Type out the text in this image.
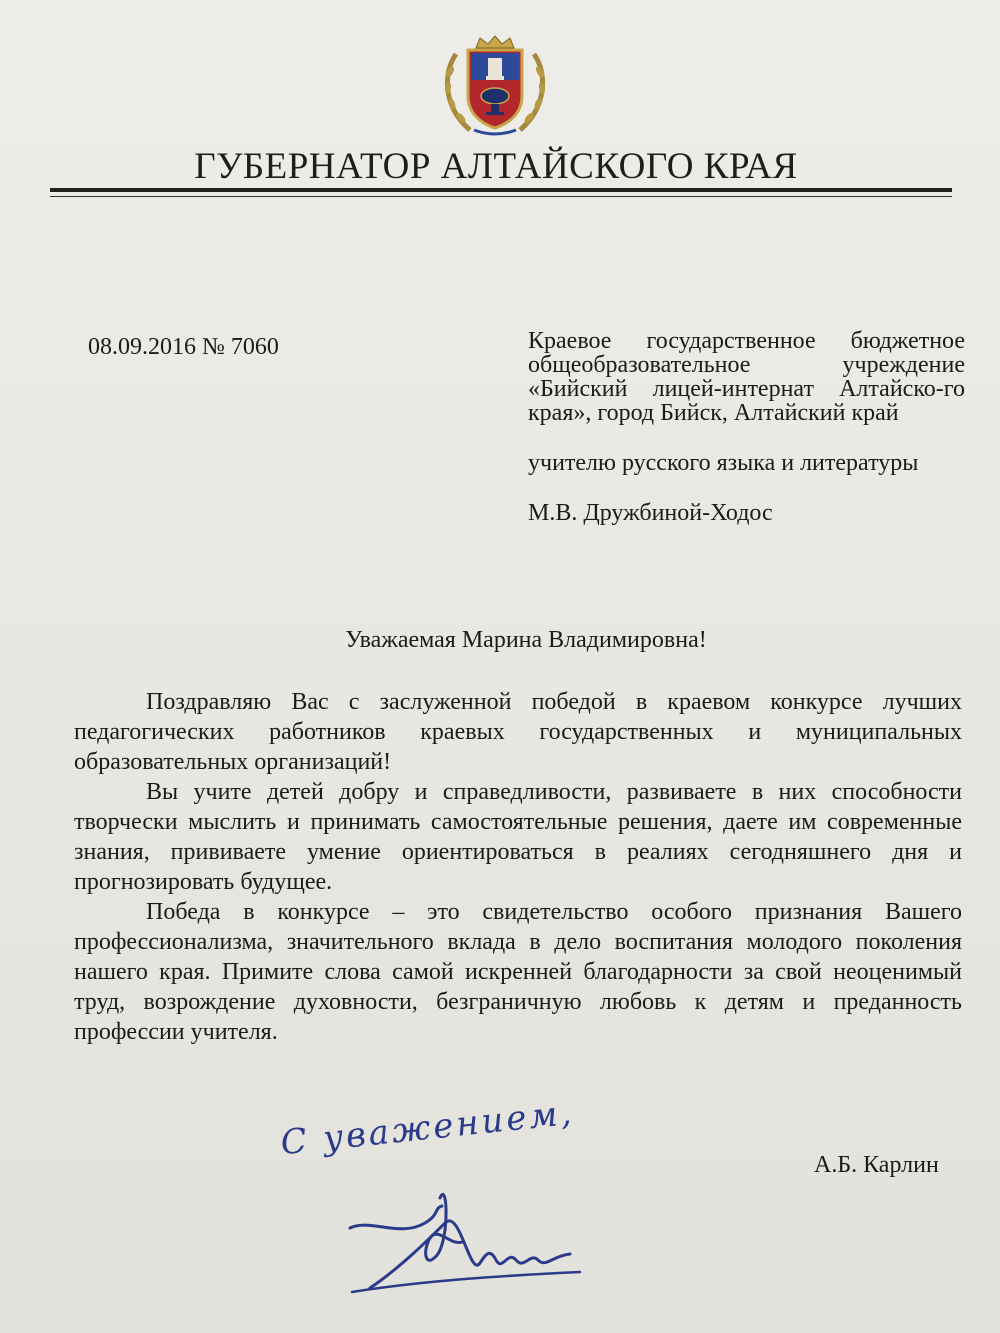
ГУБЕРНАТОР АЛТАЙСКОГО КРАЯ
08.09.2016 № 7060	Краевое государственное бюджетное общеобразовательное учреждение «Бийский лицей-интернат Алтайско-го края», город Бийск, Алтайский край
учителю русского языка и литературы
М.В. Дружбиной-Ходос
Уважаемая Марина Владимировна!

Поздравляю Вас с заслуженной победой в краевом конкурсе лучших педагогических работников краевых государственных и муниципальных образовательных организаций!

Вы учите детей добру и справедливости, развиваете в них способности творчески мыслить и принимать самостоятельные решения, даете им современные знания, прививаете умение ориентироваться в реалиях сегодняшнего дня и прогнозировать будущее.

Победа в конкурсе – это свидетельство особого признания Вашего профессионализма, значительного вклада в дело воспитания молодого поколения нашего края. Примите слова самой искренней благодарности за свой неоценимый труд, возрождение духовности, безграничную любовь к детям и преданность профессии учителя.

С уважением,
А.Б. Карлин
